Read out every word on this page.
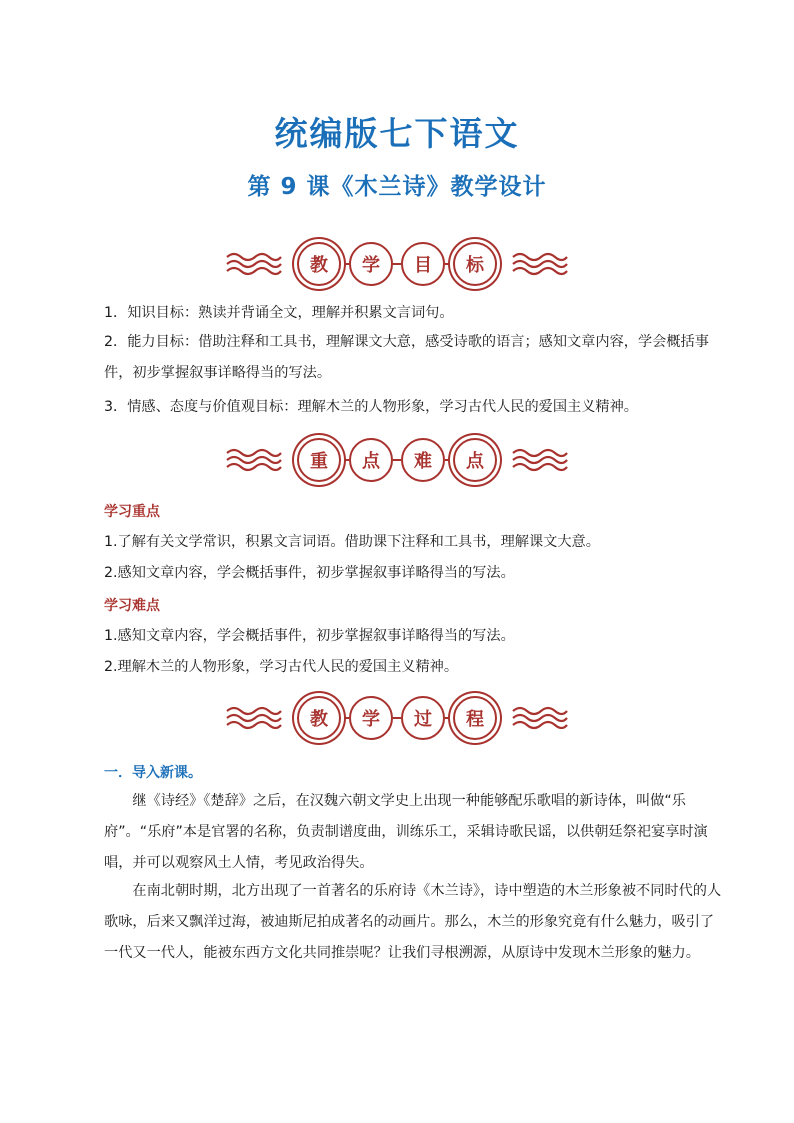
统编版七下语文
第 9 课《木兰诗》教学设计
教	学	目	标
1．知识目标：熟读并背诵全文，理解并积累文言词句。
2．能力目标：借助注释和工具书，理解课文大意，感受诗歌的语言；感知文章内容，学会概括事件，初步掌握叙事详略得当的写法。
3．情感、态度与价值观目标：理解木兰的人物形象，学习古代人民的爱国主义精神。
重	点	难	点
学习重点
1.了解有关文学常识，积累文言词语。借助课下注释和工具书，理解课文大意。
2.感知文章内容，学会概括事件，初步掌握叙事详略得当的写法。
学习难点
1.感知文章内容，学会概括事件，初步掌握叙事详略得当的写法。
2.理解木兰的人物形象，学习古代人民的爱国主义精神。
教	学	过	程
一．导入新课。
继《诗经》《楚辞》之后，在汉魏六朝文学史上出现一种能够配乐歌唱的新诗体，叫做“乐府”。“乐府”本是官署的名称，负责制谱度曲，训练乐工，采辑诗歌民谣，以供朝廷祭祀宴享时演唱，并可以观察风土人情，考见政治得失。
在南北朝时期，北方出现了一首著名的乐府诗《木兰诗》，诗中塑造的木兰形象被不同时代的人歌咏，后来又飘洋过海，被迪斯尼拍成著名的动画片。那么，木兰的形象究竟有什么魅力，吸引了一代又一代人，能被东西方文化共同推崇呢？让我们寻根溯源，从原诗中发现木兰形象的魅力。
